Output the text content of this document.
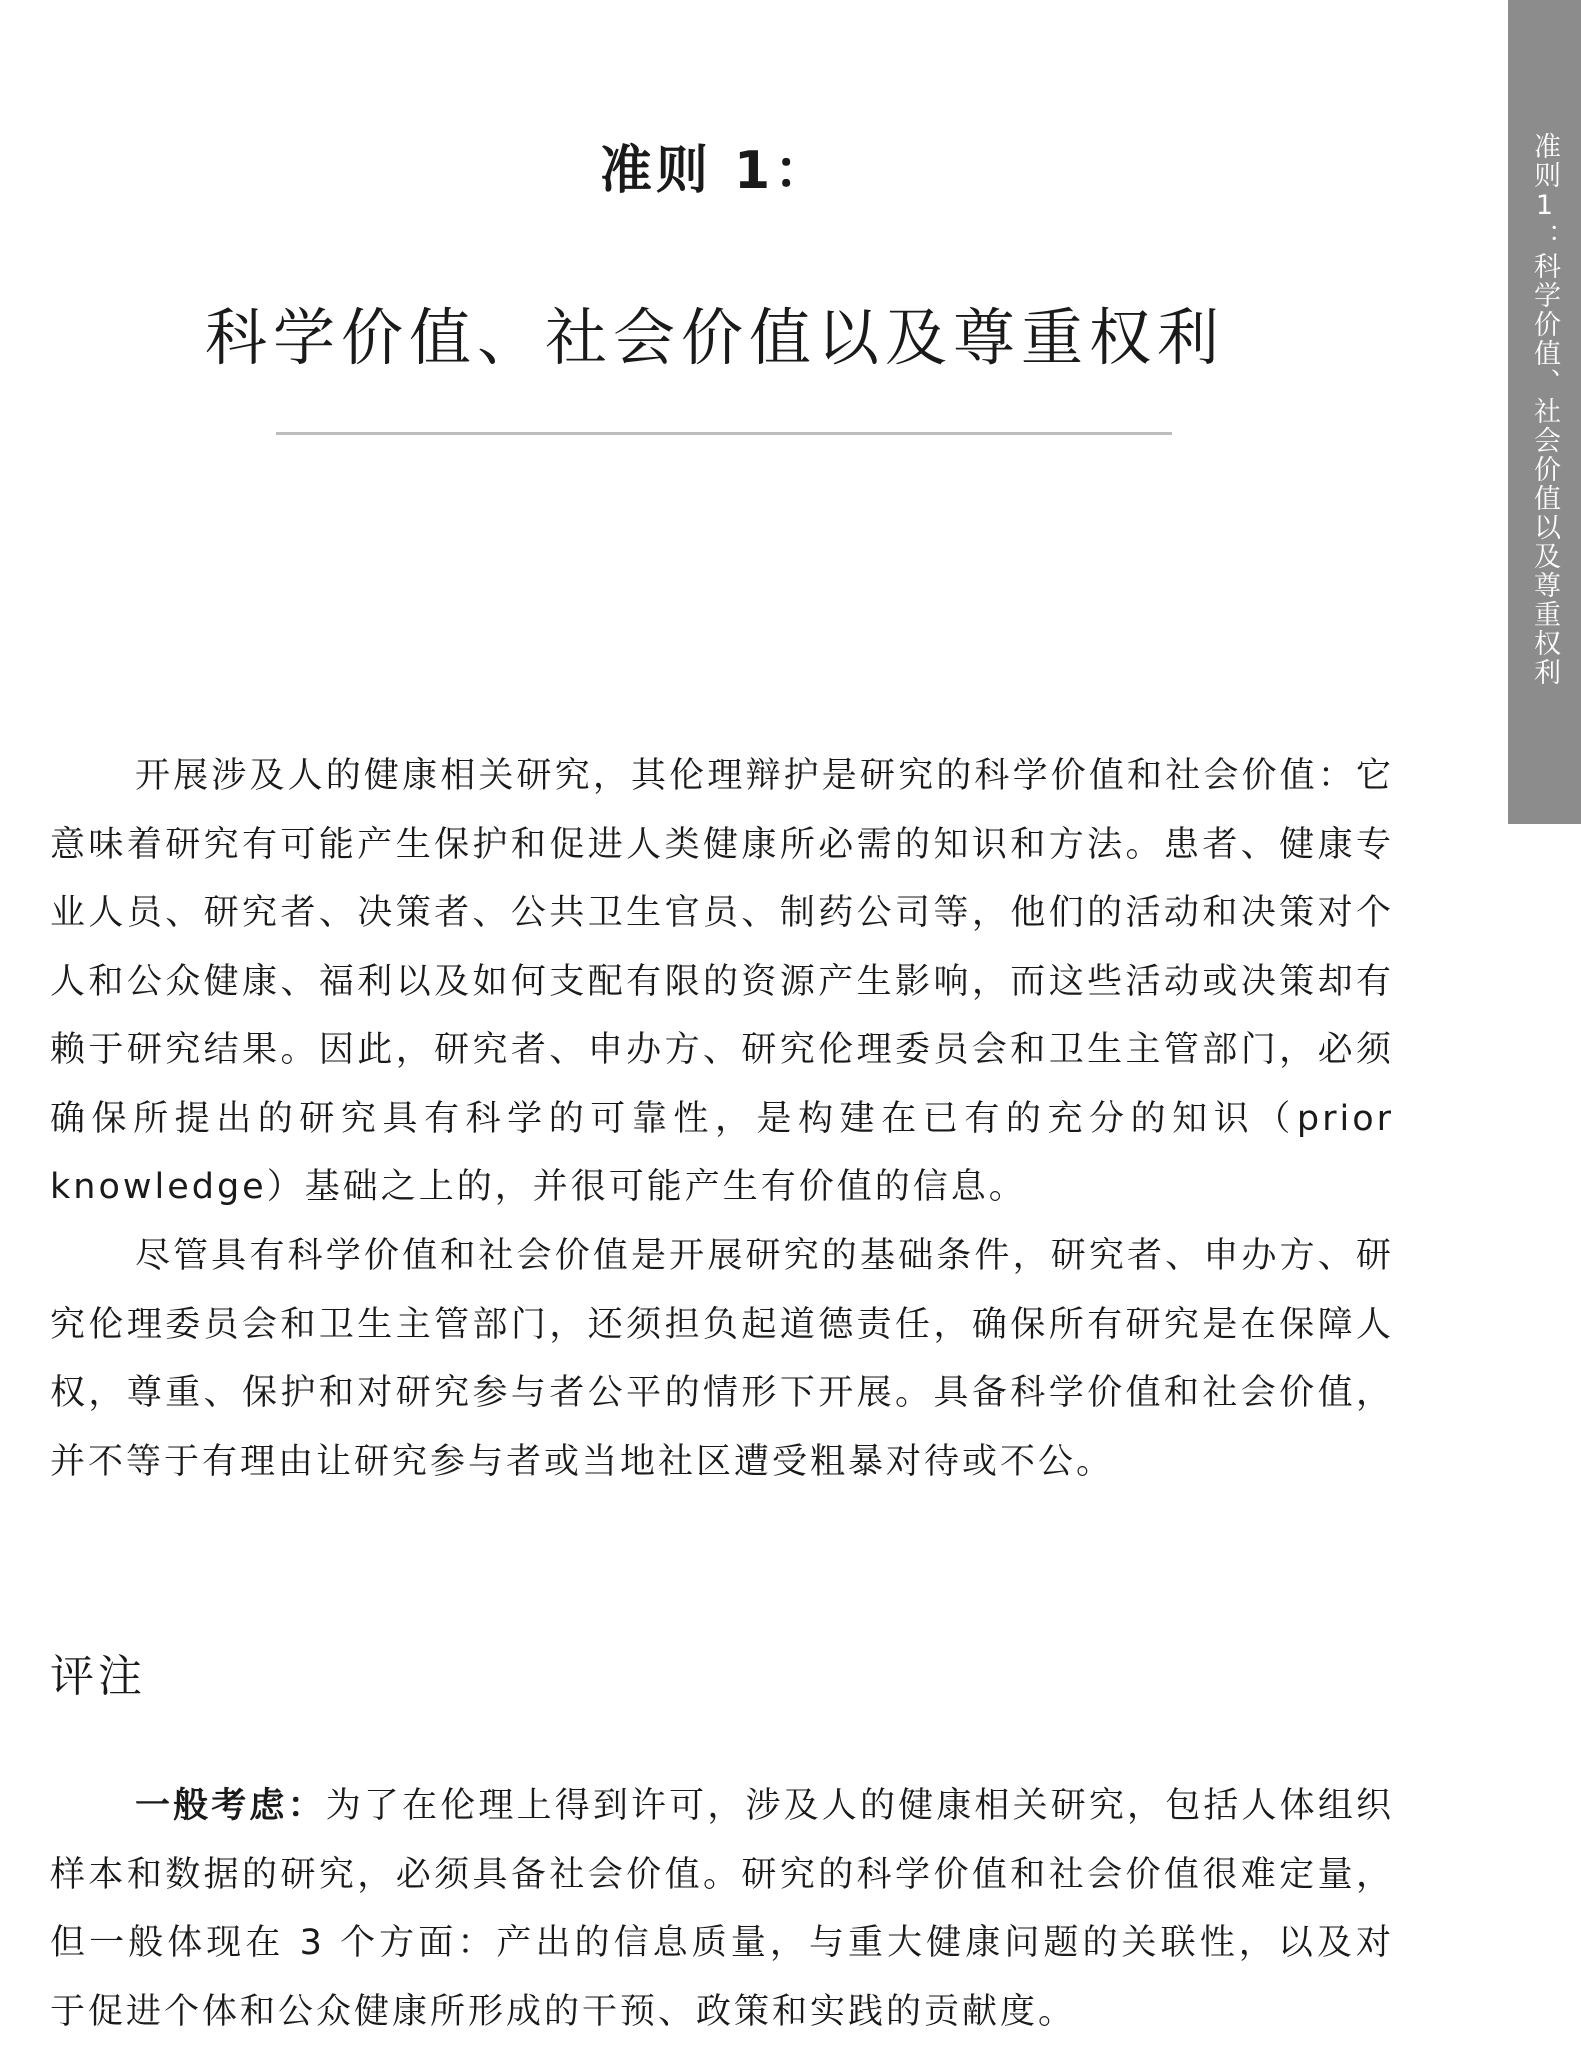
准则1：科学价值、社会价值以及尊重权利
准则 1：
科学价值、社会价值以及尊重权利

开展涉及人的健康相关研究，其伦理辩护是研究的科学价值和社会价值：它意味着研究有可能产生保护和促进人类健康所必需的知识和方法。患者、健康专业人员、研究者、决策者、公共卫生官员、制药公司等，他们的活动和决策对个人和公众健康、福利以及如何支配有限的资源产生影响，而这些活动或决策却有赖于研究结果。因此，研究者、申办方、研究伦理委员会和卫生主管部门，必须确保所提出的研究具有科学的可靠性，是构建在已有的充分的知识（prior knowledge）基础之上的，并很可能产生有价值的信息。

尽管具有科学价值和社会价值是开展研究的基础条件，研究者、申办方、研究伦理委员会和卫生主管部门，还须担负起道德责任，确保所有研究是在保障人权，尊重、保护和对研究参与者公平的情形下开展。具备科学价值和社会价值，并不等于有理由让研究参与者或当地社区遭受粗暴对待或不公。

评注

一般考虑：为了在伦理上得到许可，涉及人的健康相关研究，包括人体组织样本和数据的研究，必须具备社会价值。研究的科学价值和社会价值很难定量，但一般体现在 3 个方面：产出的信息质量，与重大健康问题的关联性，以及对于促进个体和公众健康所形成的干预、政策和实践的贡献度。
